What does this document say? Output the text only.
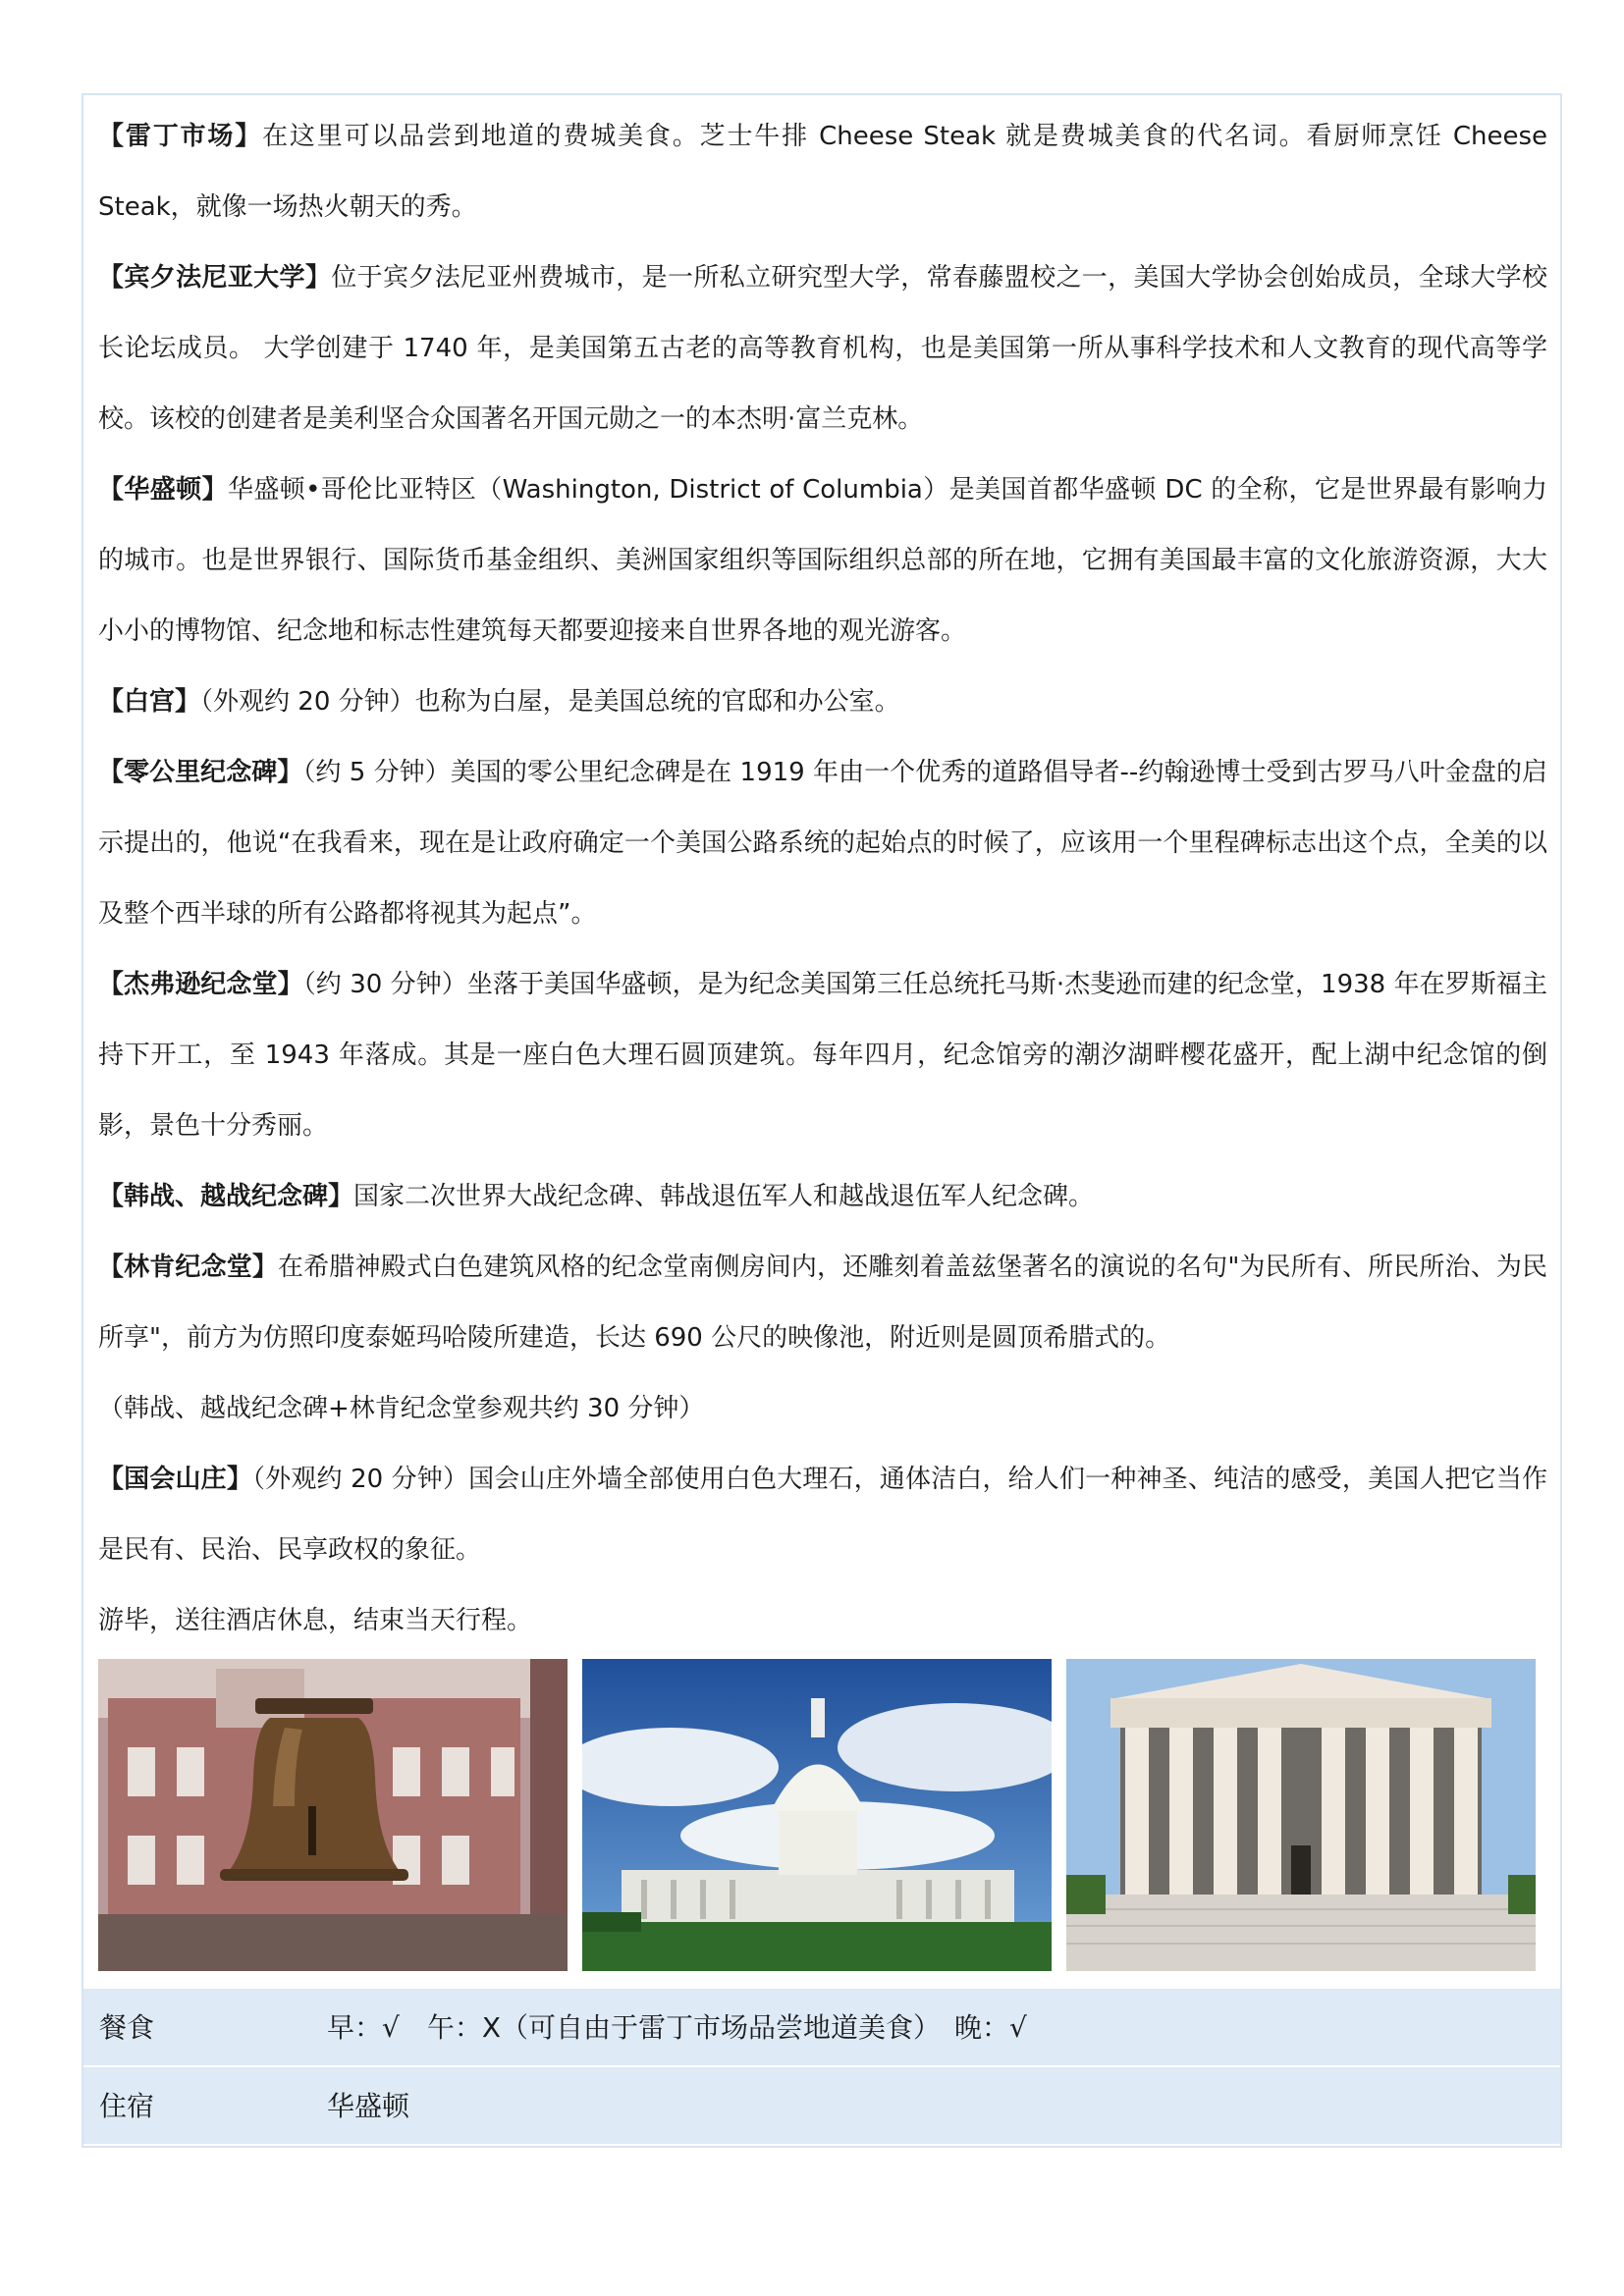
【雷丁市场】在这里可以品尝到地道的费城美食。芝士牛排 Cheese Steak 就是费城美食的代名词。看厨师烹饪 Cheese Steak，就像一场热火朝天的秀。

【宾夕法尼亚大学】位于宾夕法尼亚州费城市，是一所私立研究型大学，常春藤盟校之一，美国大学协会创始成员，全球大学校长论坛成员。 大学创建于 1740 年，是美国第五古老的高等教育机构，也是美国第一所从事科学技术和人文教育的现代高等学校。该校的创建者是美利坚合众国著名开国元勋之一的本杰明·富兰克林。

【华盛顿】华盛顿•哥伦比亚特区（Washington, District of Columbia）是美国首都华盛顿 DC 的全称，它是世界最有影响力的城市。也是世界银行、国际货币基金组织、美洲国家组织等国际组织总部的所在地，它拥有美国最丰富的文化旅游资源，大大小小的博物馆、纪念地和标志性建筑每天都要迎接来自世界各地的观光游客。

【白宫】（外观约 20 分钟）也称为白屋，是美国总统的官邸和办公室。

【零公里纪念碑】（约 5 分钟）美国的零公里纪念碑是在 1919 年由一个优秀的道路倡导者--约翰逊博士受到古罗马八叶金盘的启示提出的，他说“在我看来，现在是让政府确定一个美国公路系统的起始点的时候了，应该用一个里程碑标志出这个点，全美的以及整个西半球的所有公路都将视其为起点”。

【杰弗逊纪念堂】（约 30 分钟）坐落于美国华盛顿，是为纪念美国第三任总统托马斯·杰斐逊而建的纪念堂，1938 年在罗斯福主持下开工，至 1943 年落成。其是一座白色大理石圆顶建筑。每年四月，纪念馆旁的潮汐湖畔樱花盛开，配上湖中纪念馆的倒影，景色十分秀丽。

【韩战、越战纪念碑】国家二次世界大战纪念碑、韩战退伍军人和越战退伍军人纪念碑。

【林肯纪念堂】在希腊神殿式白色建筑风格的纪念堂南侧房间内，还雕刻着盖兹堡著名的演说的名句"为民所有、所民所治、为民所享"，前方为仿照印度泰姬玛哈陵所建造，长达 690 公尺的映像池，附近则是圆顶希腊式的。

（韩战、越战纪念碑+林肯纪念堂参观共约 30 分钟）

【国会山庄】（外观约 20 分钟）国会山庄外墙全部使用白色大理石，通体洁白，给人们一种神圣、纯洁的感受，美国人把它当作是民有、民治、民享政权的象征。

游毕，送往酒店休息，结束当天行程。

餐食	早：√　午：X（可自由于雷丁市场品尝地道美食）　晚：√
住宿	华盛顿
